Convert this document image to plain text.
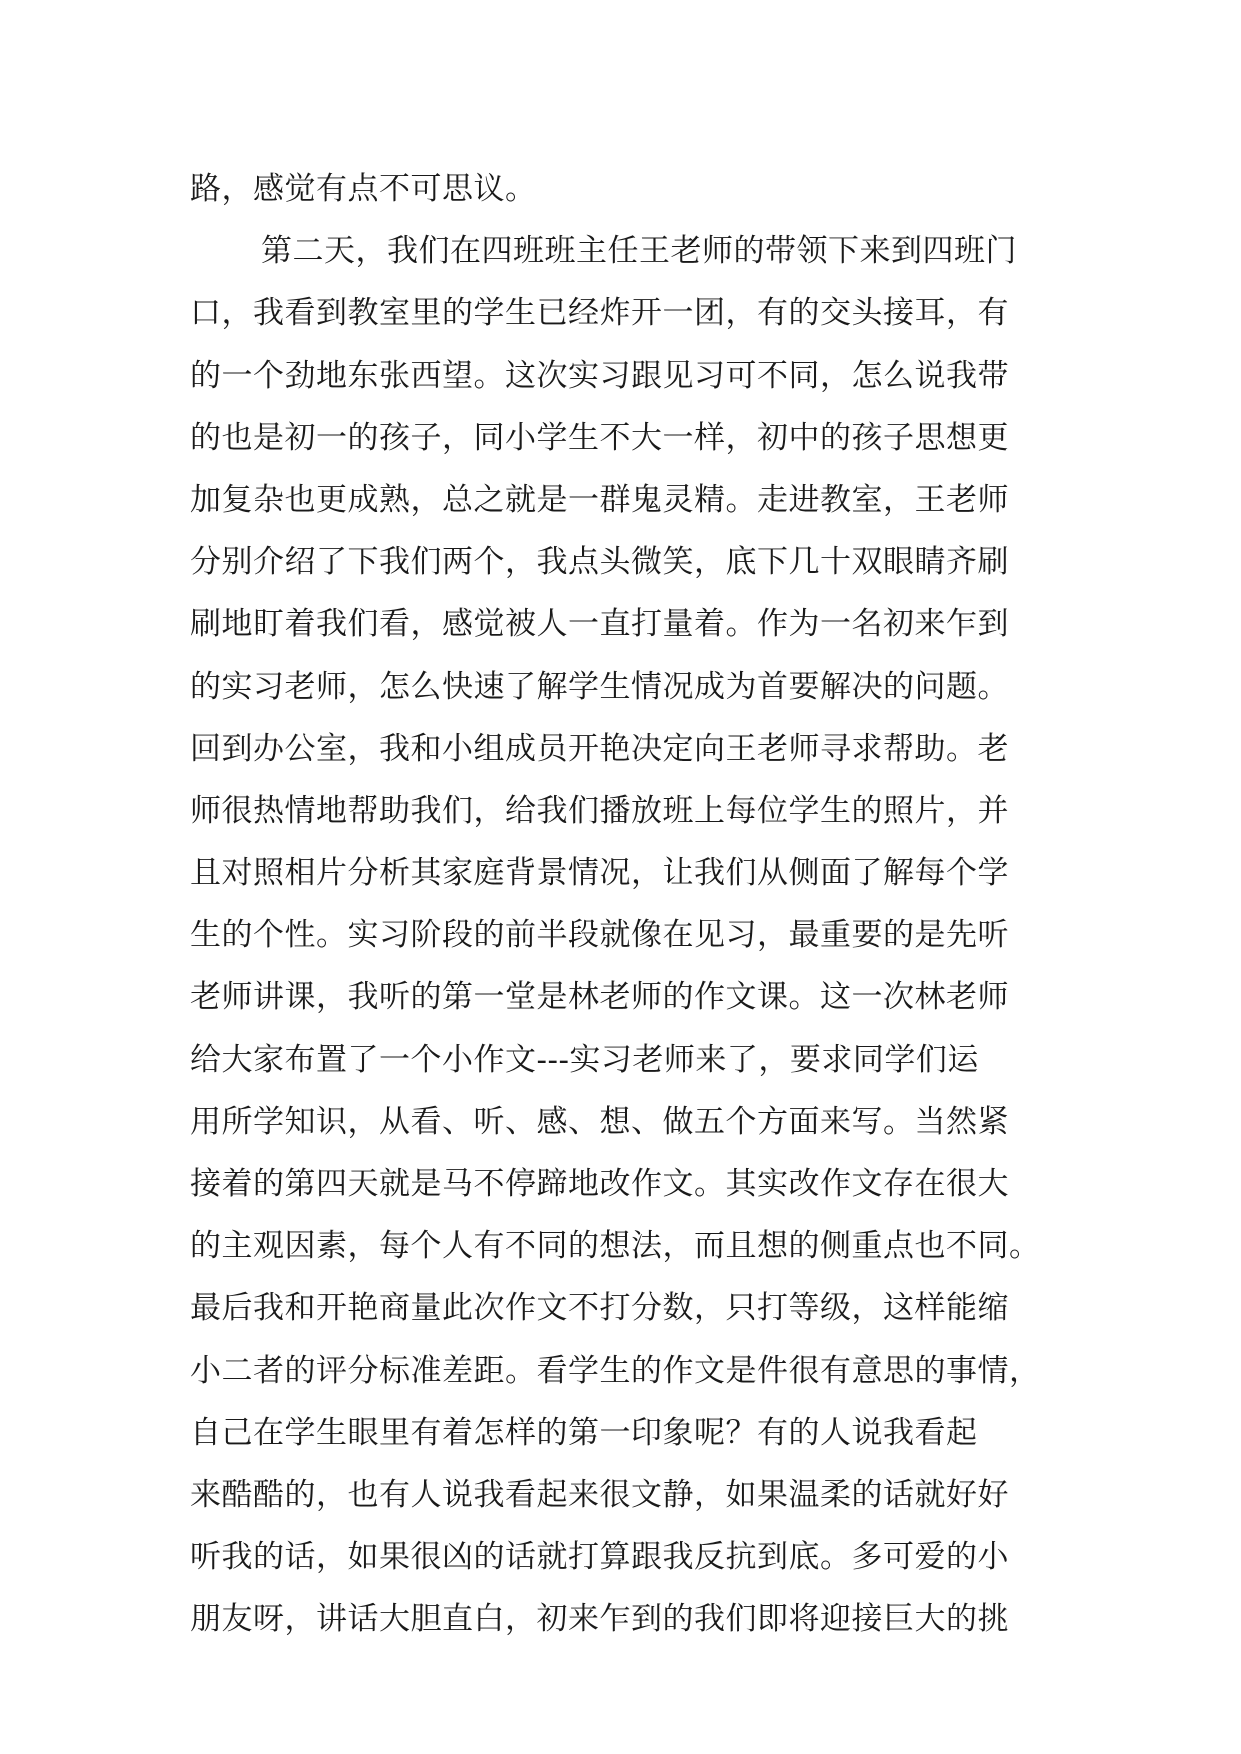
路，感觉有点不可思议。
第二天，我们在四班班主任王老师的带领下来到四班门
口，我看到教室里的学生已经炸开一团，有的交头接耳，有
的一个劲地东张西望。这次实习跟见习可不同，怎么说我带
的也是初一的孩子，同小学生不大一样，初中的孩子思想更
加复杂也更成熟，总之就是一群鬼灵精。走进教室，王老师
分别介绍了下我们两个，我点头微笑，底下几十双眼睛齐刷
刷地盯着我们看，感觉被人一直打量着。作为一名初来乍到
的实习老师，怎么快速了解学生情况成为首要解决的问题。
回到办公室，我和小组成员开艳决定向王老师寻求帮助。老
师很热情地帮助我们，给我们播放班上每位学生的照片，并
且对照相片分析其家庭背景情况，让我们从侧面了解每个学
生的个性。实习阶段的前半段就像在见习，最重要的是先听
老师讲课，我听的第一堂是林老师的作文课。这一次林老师
给大家布置了一个小作文---实习老师来了，要求同学们运
用所学知识，从看、听、感、想、做五个方面来写。当然紧
接着的第四天就是马不停蹄地改作文。其实改作文存在很大
的主观因素，每个人有不同的想法，而且想的侧重点也不同。
最后我和开艳商量此次作文不打分数，只打等级，这样能缩
小二者的评分标准差距。看学生的作文是件很有意思的事情，
自己在学生眼里有着怎样的第一印象呢？有的人说我看起
来酷酷的，也有人说我看起来很文静，如果温柔的话就好好
听我的话，如果很凶的话就打算跟我反抗到底。多可爱的小
朋友呀，讲话大胆直白，初来乍到的我们即将迎接巨大的挑
